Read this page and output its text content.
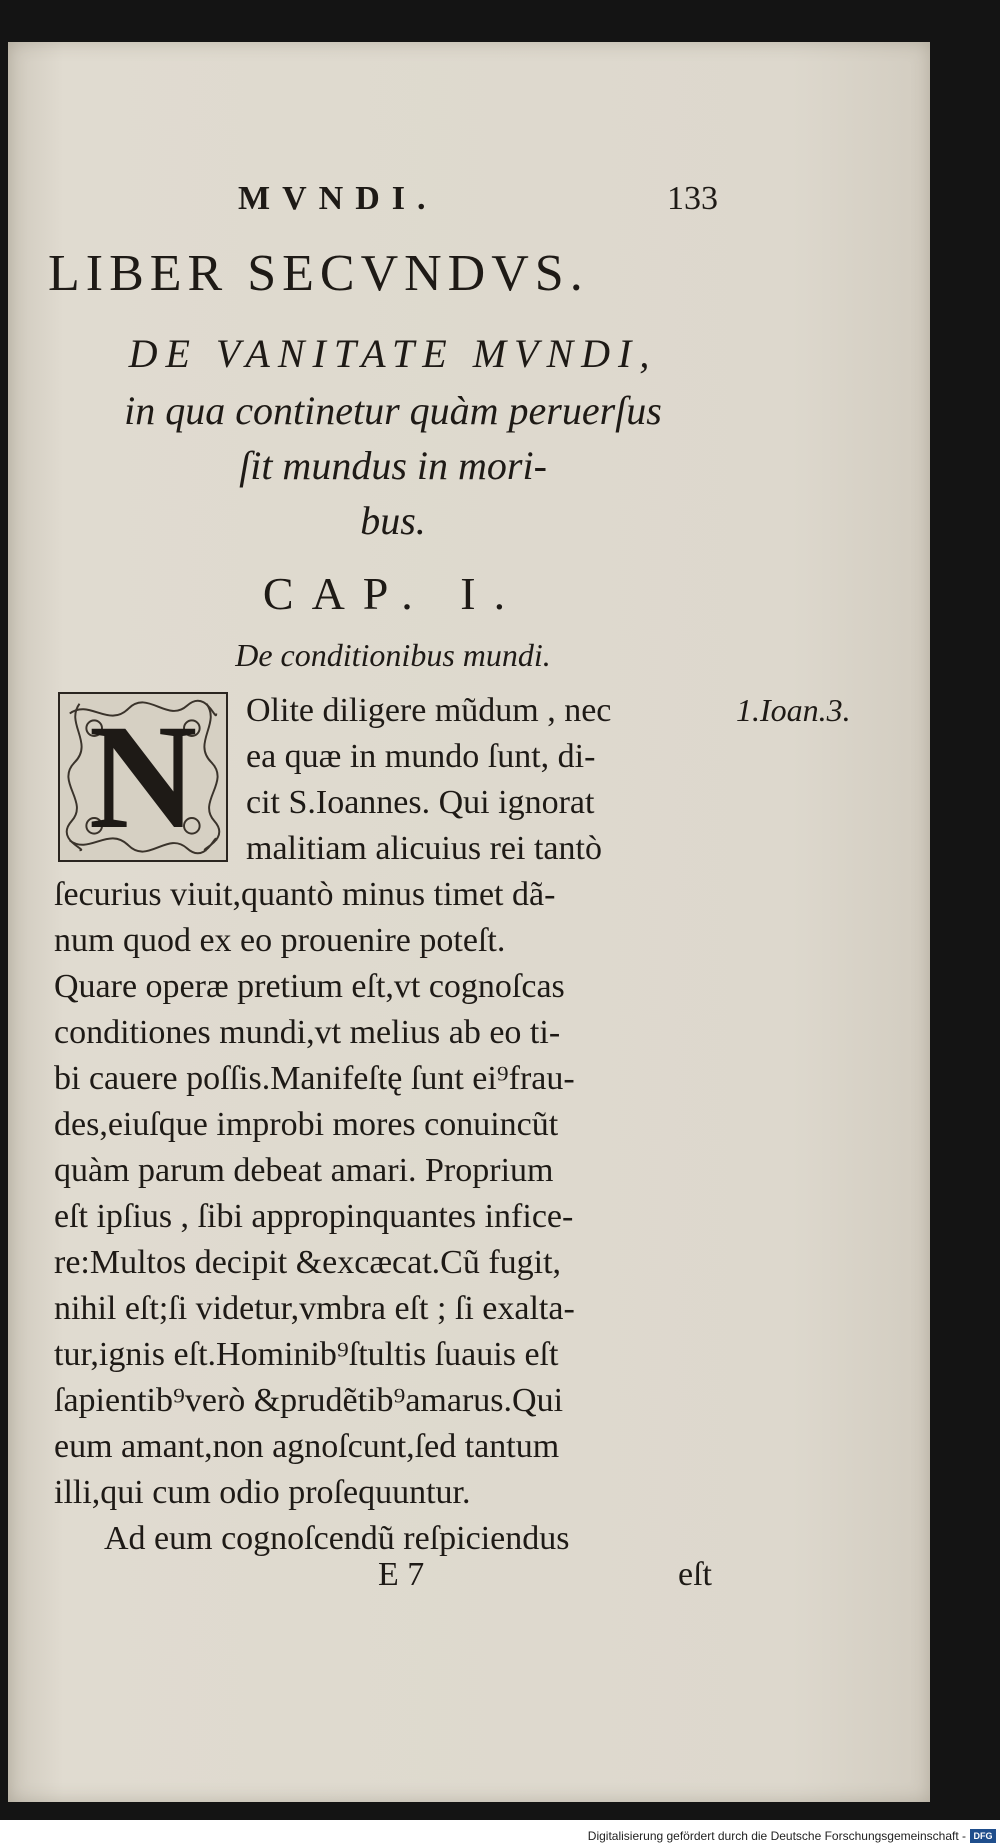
MVNDI.	133
LIBER SECVNDVS.
DE VANITATE MVNDI,
in qua continetur quàm peruerſus
ſit mundus in mori-
bus.
CAP. I.
De conditionibus mundi.
N	1.Ioan.3.
Olite diligere mũdum , nec
ea quæ in mundo ſunt, di-
cit S.Ioannes. Qui ignorat
malitiam alicuius rei tantò
ſecurius viuit,quantò minus timet dã-
num quod ex eo prouenire poteſt.
Quare operæ pretium eſt,vt cognoſcas
conditiones mundi,vt melius ab eo ti-
bi cauere poſſis.Manifeſtę ſunt ei⁹frau-
des,eiuſque improbi mores conuincũt
quàm parum debeat amari. Proprium
eſt ipſius , ſibi appropinquantes infice-
re:Multos decipit &excæcat.Cũ fugit,
nihil eſt;ſi videtur,vmbra eſt ; ſi exalta-
tur,ignis eſt.Hominib⁹ſtultis ſuauis eſt
ſapientib⁹verò &prudẽtib⁹amarus.Qui
eum amant,non agnoſcunt,ſed tantum
illi,qui cum odio proſequuntur.
Ad eum cognoſcendũ reſpiciendus
E 7	eſt
Digitalisierung gefördert durch die Deutsche Forschungsgemeinschaft - DFG
